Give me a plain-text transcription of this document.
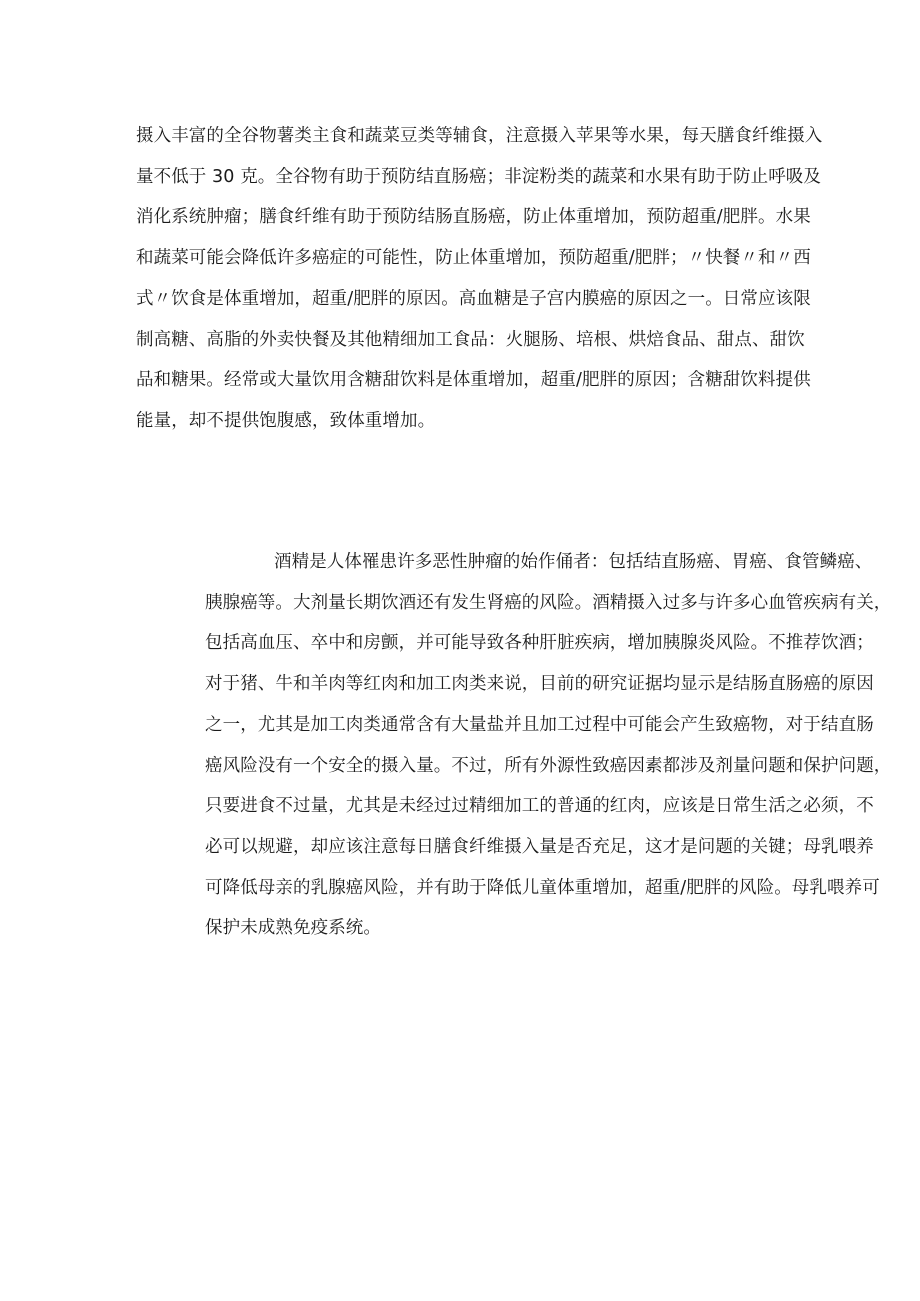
摄入丰富的全谷物薯类主食和蔬菜豆类等辅食，注意摄入苹果等水果，每天膳食纤维摄入
量不低于 30 克。全谷物有助于预防结直肠癌；非淀粉类的蔬菜和水果有助于防止呼吸及
消化系统肿瘤；膳食纤维有助于预防结肠直肠癌，防止体重增加，预防超重/肥胖。水果
和蔬菜可能会降低许多癌症的可能性，防止体重增加，预防超重/肥胖；〃快餐〃和〃西
式〃饮食是体重增加，超重/肥胖的原因。高血糖是子宫内膜癌的原因之一。日常应该限
制高糖、高脂的外卖快餐及其他精细加工食品：火腿肠、培根、烘焙食品、甜点、甜饮
品和糖果。经常或大量饮用含糖甜饮料是体重增加，超重/肥胖的原因；含糖甜饮料提供
能量，却不提供饱腹感，致体重增加。
酒精是人体罹患许多恶性肿瘤的始作俑者：包括结直肠癌、胃癌、食管鳞癌、
胰腺癌等。大剂量长期饮酒还有发生肾癌的风险。酒精摄入过多与许多心血管疾病有关，
包括高血压、卒中和房颤，并可能导致各种肝脏疾病，增加胰腺炎风险。不推荐饮酒；
对于猪、牛和羊肉等红肉和加工肉类来说，目前的研究证据均显示是结肠直肠癌的原因
之一，尤其是加工肉类通常含有大量盐并且加工过程中可能会产生致癌物，对于结直肠
癌风险没有一个安全的摄入量。不过，所有外源性致癌因素都涉及剂量问题和保护问题，
只要进食不过量，尤其是未经过过精细加工的普通的红肉，应该是日常生活之必须，不
必可以规避，却应该注意每日膳食纤维摄入量是否充足，这才是问题的关键；母乳喂养
可降低母亲的乳腺癌风险，并有助于降低儿童体重增加，超重/肥胖的风险。母乳喂养可
保护未成熟免疫系统。
